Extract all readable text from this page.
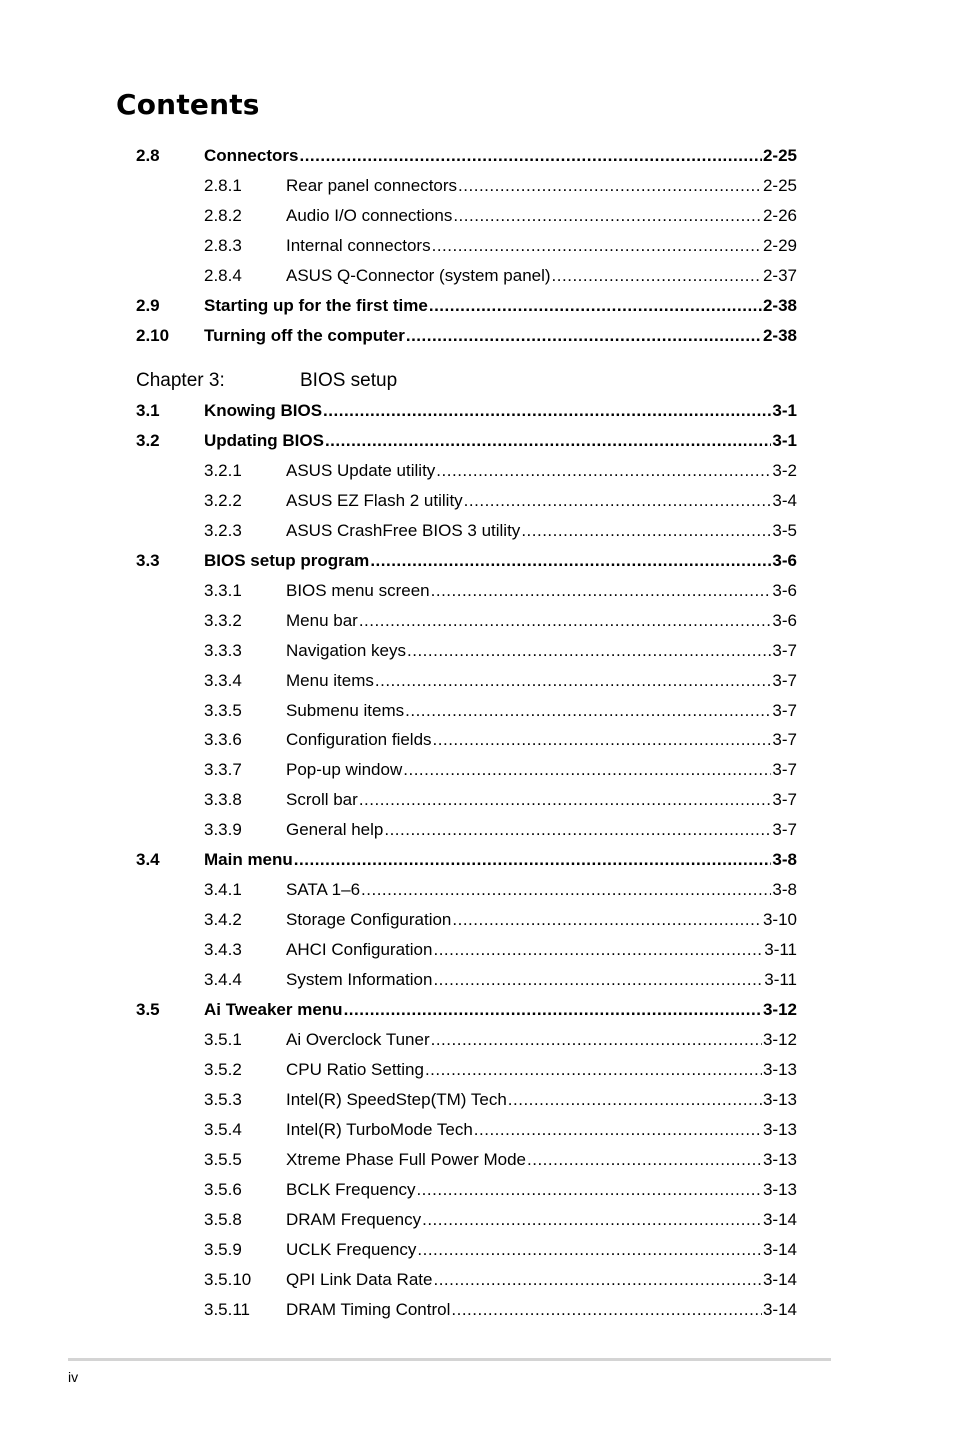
Contents
2.8	Connectors .....	2-25
2.8.1	Rear panel connectors .....	2-25
2.8.2	Audio I/O connections .....	2-26
2.8.3	Internal connectors .....	2-29
2.8.4	ASUS Q-Connector (system panel) .....	2-37
2.9	Starting up for the first time .....	2-38
2.10 Turning off the computer .....	2-38
3.1	Knowing BIOS .....	3-1
3.2	Updating BIOS .....	3-1
3.2.1	ASUS Update utility .....	3-2
3.2.2	ASUS EZ Flash 2 utility .....	3-4
3.2.3	ASUS CrashFree BIOS 3 utility .....	3-5
3.3	BIOS setup program .....	3-6
3.3.1	BIOS menu screen .....	3-6
3.3.2	Menu bar .....	3-6
3.3.3	Navigation keys .....	3-7
3.3.4	Menu items .....	3-7
3.3.5	Submenu items .....	3-7
3.3.6	Configuration fields .....	3-7
3.3.7	Pop-up window .....	3-7
3.3.8	Scroll bar .....	3-7
3.3.9	General help .....	3-7
3.4	Main menu .....	3-8
3.4.1	SATA 1–6 .....	3-8
3.4.2	Storage Configuration .....	3-10
3.4.3	AHCI Configuration .....	3-11
3.4.4	System Information .....	3-11
3.5	Ai Tweaker menu .....	3-12
3.5.1	Ai Overclock Tuner .....	3-12
3.5.2	CPU Ratio Setting .....	3-13
3.5.3	Intel(R) SpeedStep(TM) Tech .....	3-13
3.5.4	Intel(R) TurboMode Tech .....	3-13
3.5.5	Xtreme Phase Full Power Mode .....	3-13
3.5.6	BCLK Frequency .....	3-13
3.5.8	DRAM Frequency .....	3-14
3.5.9	UCLK Frequency .....	3-14
3.5.10 QPI Link Data Rate .....	3-14
3.5.11 DRAM Timing Control .....	3-14
Chapter 3:	BIOS setup
iv
